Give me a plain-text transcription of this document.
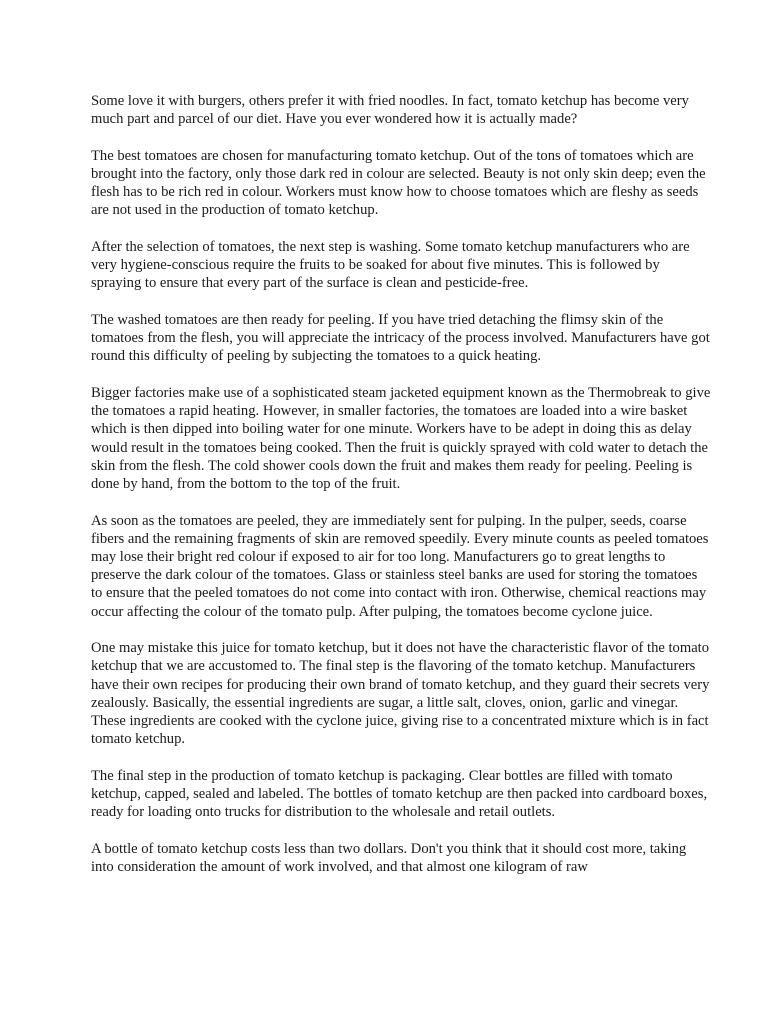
Some love it with burgers, others prefer it with fried noodles. In fact, tomato ketchup has become very much part and parcel of our diet. Have you ever wondered how it is actually made?

The best tomatoes are chosen for manufacturing tomato ketchup. Out of the tons of tomatoes which are brought into the factory, only those dark red in colour are selected. Beauty is not only skin deep; even the flesh has to be rich red in colour. Workers must know how to choose tomatoes which are fleshy as seeds are not used in the production of tomato ketchup.

After the selection of tomatoes, the next step is washing. Some tomato ketchup manufacturers who are very hygiene-conscious require the fruits to be soaked for about five minutes. This is followed by spraying to ensure that every part of the surface is clean and pesticide-free.

The washed tomatoes are then ready for peeling. If you have tried detaching the flimsy skin of the tomatoes from the flesh, you will appreciate the intricacy of the process involved. Manufacturers have got round this difficulty of peeling by subjecting the tomatoes to a quick heating.

Bigger factories make use of a sophisticated steam jacketed equipment known as the Thermobreak to give the tomatoes a rapid heating. However, in smaller factories, the tomatoes are loaded into a wire basket which is then dipped into boiling water for one minute. Workers have to be adept in doing this as delay would result in the tomatoes being cooked. Then the fruit is quickly sprayed with cold water to detach the skin from the flesh. The cold shower cools down the fruit and makes them ready for peeling. Peeling is done by hand, from the bottom to the top of the fruit.

As soon as the tomatoes are peeled, they are immediately sent for pulping. In the pulper, seeds, coarse fibers and the remaining fragments of skin are removed speedily. Every minute counts as peeled tomatoes may lose their bright red colour if exposed to air for too long. Manufacturers go to great lengths to preserve the dark colour of the tomatoes. Glass or stainless steel banks are used for storing the tomatoes to ensure that the peeled tomatoes do not come into contact with iron. Otherwise, chemical reactions may occur affecting the colour of the tomato pulp. After pulping, the tomatoes become cyclone juice.

One may mistake this juice for tomato ketchup, but it does not have the characteristic flavor of the tomato ketchup that we are accustomed to. The final step is the flavoring of the tomato ketchup. Manufacturers have their own recipes for producing their own brand of tomato ketchup, and they guard their secrets very zealously. Basically, the essential ingredients are sugar, a little salt, cloves, onion, garlic and vinegar. These ingredients are cooked with the cyclone juice, giving rise to a concentrated mixture which is in fact tomato ketchup.

The final step in the production of tomato ketchup is packaging. Clear bottles are filled with tomato ketchup, capped, sealed and labeled. The bottles of tomato ketchup are then packed into cardboard boxes, ready for loading onto trucks for distribution to the wholesale and retail outlets.

A bottle of tomato ketchup costs less than two dollars. Don't you think that it should cost more, taking into consideration the amount of work involved, and that almost one kilogram of raw
